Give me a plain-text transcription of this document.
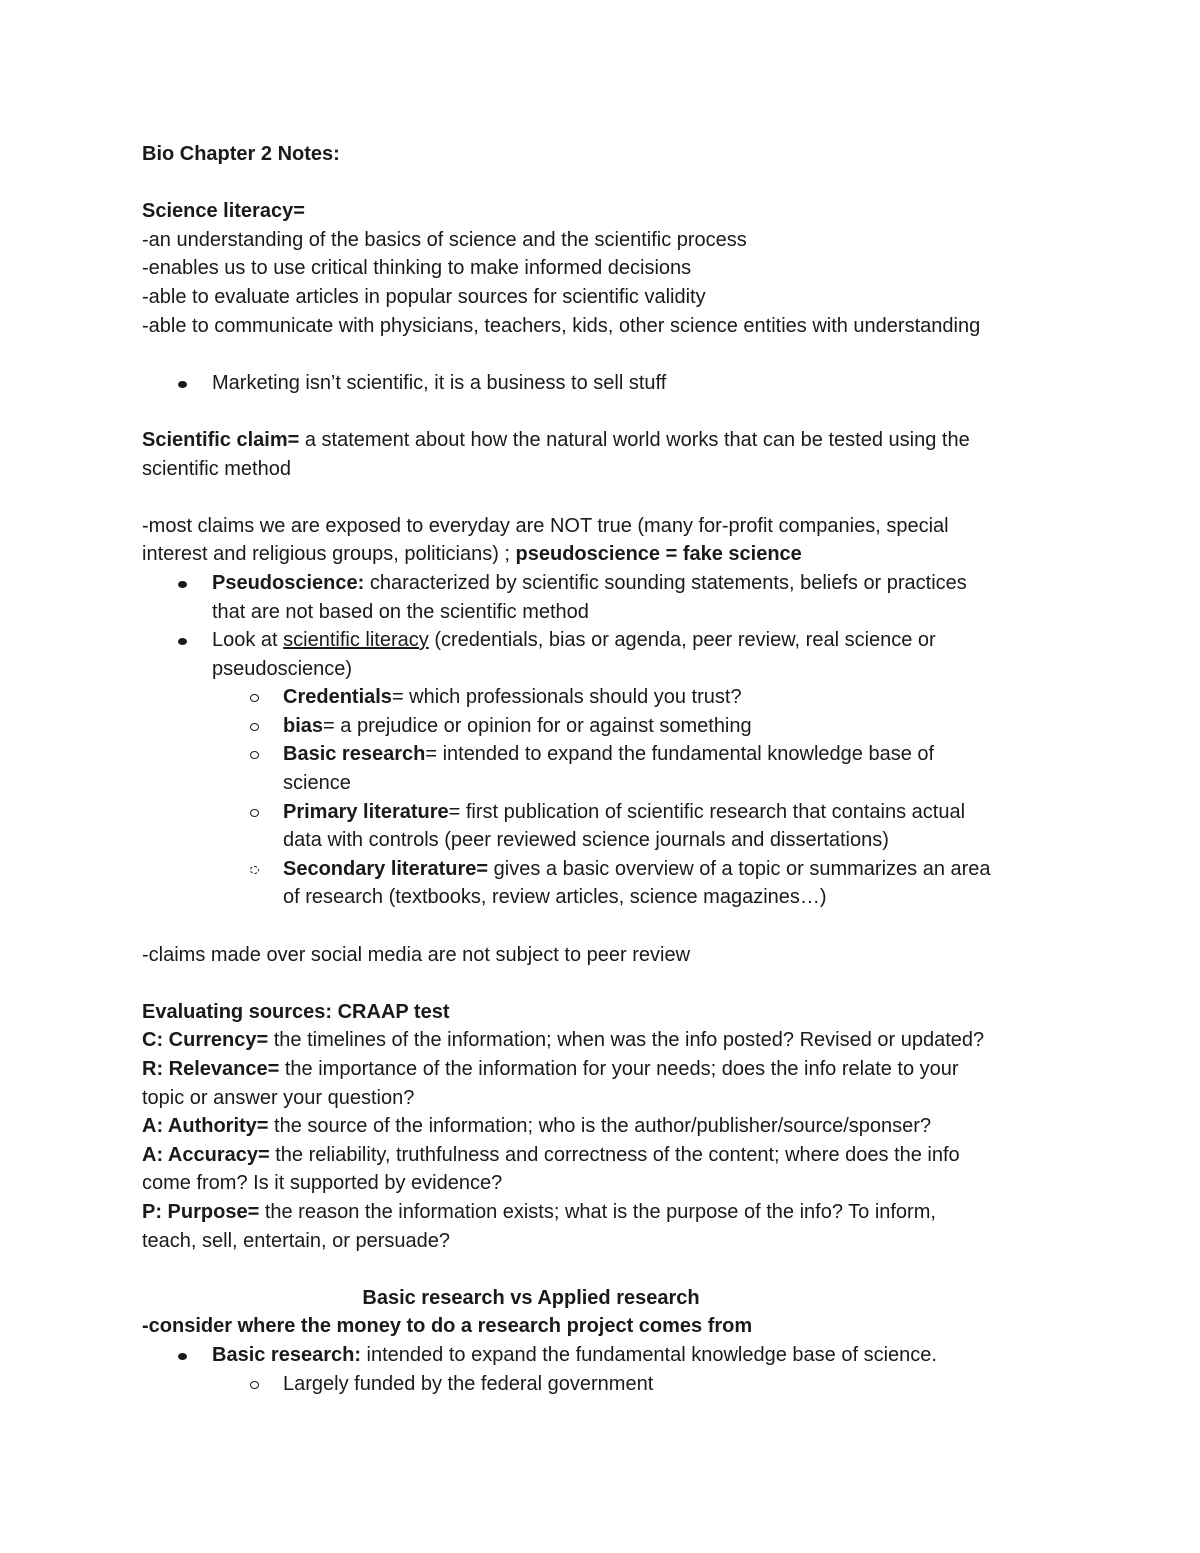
Bio Chapter 2 Notes:
Science literacy=
-an understanding of the basics of science and the scientific process
-enables us to use critical thinking to make informed decisions
-able to evaluate articles in popular sources for scientific validity
-able to communicate with physicians, teachers, kids, other science entities with understanding
Marketing isn’t scientific, it is a business to sell stuff
Scientific claim= a statement about how the natural world works that can be tested using the
scientific method
-most claims we are exposed to everyday are NOT true (many for-profit companies, special
interest and religious groups, politicians) ; pseudoscience = fake science
Pseudoscience: characterized by scientific sounding statements, beliefs or practices
that are not based on the scientific method
Look at scientific literacy (credentials, bias or agenda, peer review, real science or
pseudoscience)
Credentials= which professionals should you trust?
bias= a prejudice or opinion for or against something
Basic research= intended to expand the fundamental knowledge base of
science
Primary literature= first publication of scientific research that contains actual
data with controls (peer reviewed science journals and dissertations)
Secondary literature= gives a basic overview of a topic or summarizes an area
of research (textbooks, review articles, science magazines…)
-claims made over social media are not subject to peer review
Evaluating sources: CRAAP test
C: Currency= the timelines of the information; when was the info posted? Revised or updated?
R: Relevance= the importance of the information for your needs; does the info relate to your
topic or answer your question?
A: Authority= the source of the information; who is the author/publisher/source/sponser?
A: Accuracy= the reliability, truthfulness and correctness of the content; where does the info
come from? Is it supported by evidence?
P: Purpose= the reason the information exists; what is the purpose of the info? To inform,
teach, sell, entertain, or persuade?
Basic research vs Applied research
-consider where the money to do a research project comes from
Basic research: intended to expand the fundamental knowledge base of science.
Largely funded by the federal government
